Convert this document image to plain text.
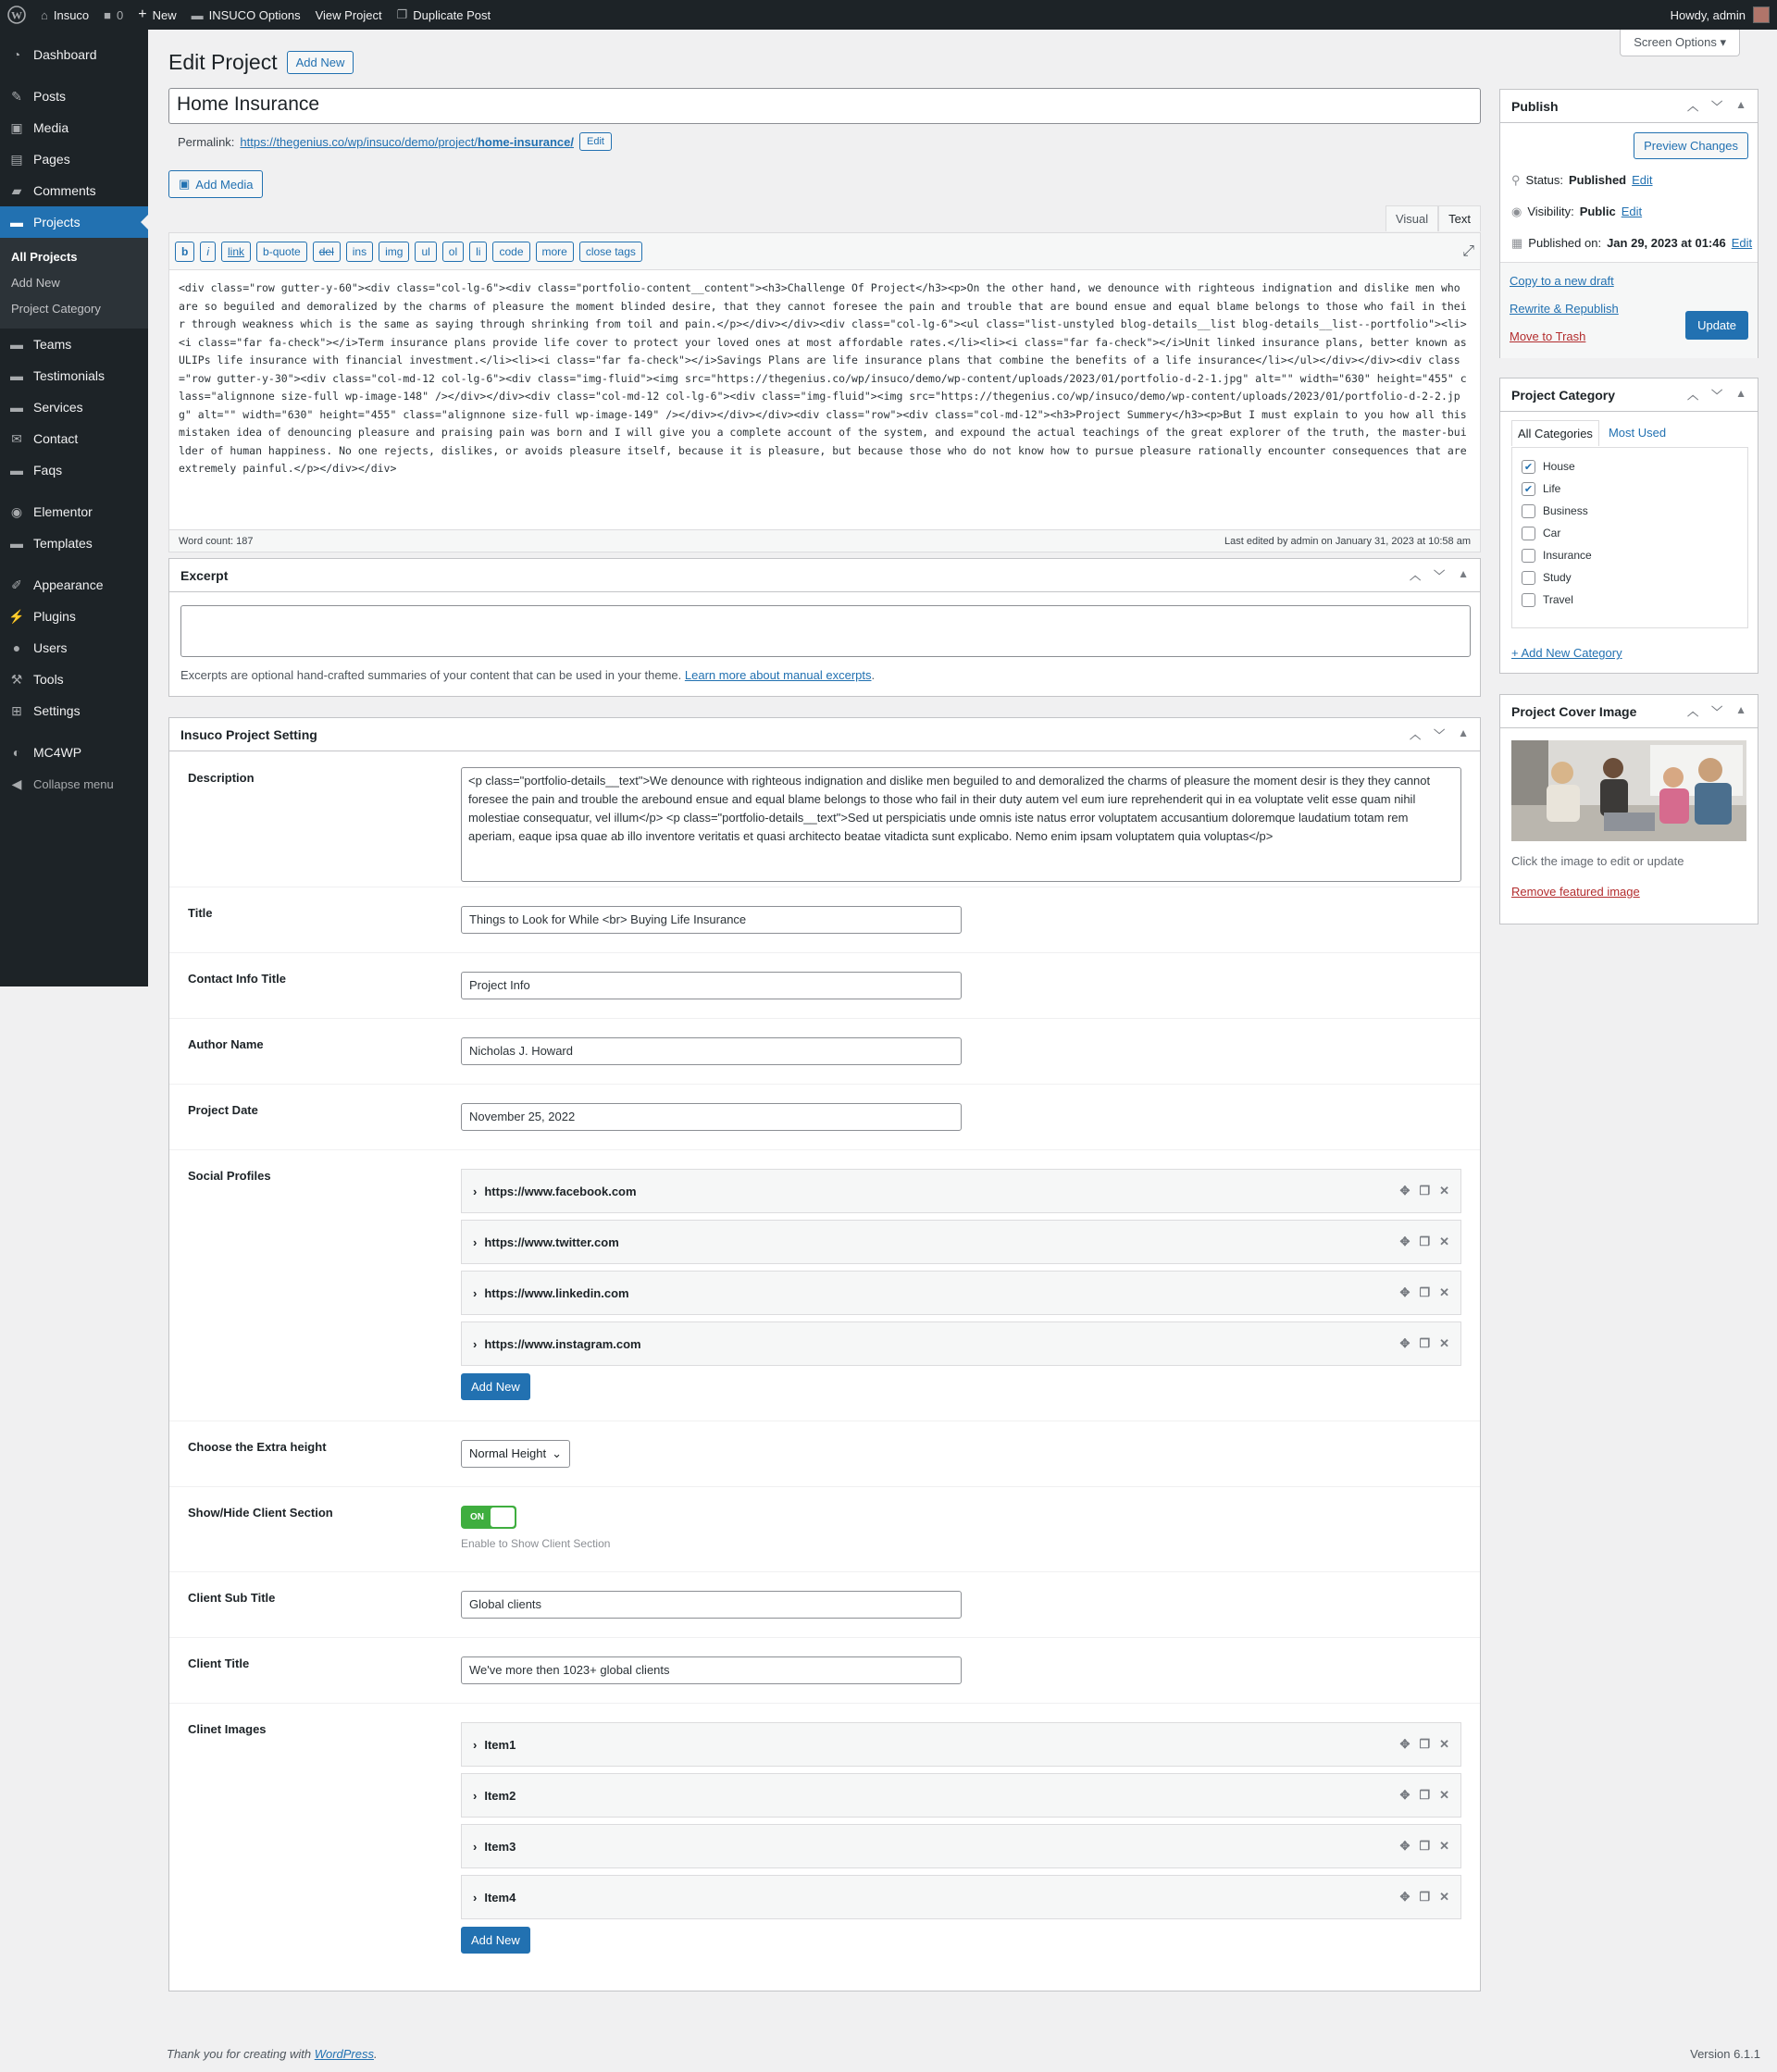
W ⌂ Insuco ■ 0 + New ▬ INSUCO Options View Project ❐ Duplicate Post	Howdy, admin
◔ Dashboard
✎ Posts
▣ Media
▤ Pages
▰ Comments
▬ Projects
All Projects
Add New
Project Category
▬ Teams
▬ Testimonials
▬ Services
✉ Contact
▬ Faqs
◉ Elementor
▬ Templates
✐ Appearance
⚡ Plugins
● Users
⚒ Tools
⊞ Settings
◐ MC4WP
◀ Collapse menu
Screen Options ▾
Edit Project	Add New
Home Insurance
Permalink: https://thegenius.co/wp/insuco/demo/project/home-insurance/	Edit
▣ Add Media
Visual	Text
b	i	link	b-quote	del	ins	img	ul	ol	li	code	more	close tags	⤢
<div class="row gutter-y-60"><div class="col-lg-6"><div class="portfolio-content__content"><h3>Challenge Of Project</h3><p>On the other hand, we denounce with righteous indignation and dislike men who are so beguiled and demoralized by the charms of pleasure the moment blinded desire, that they cannot foresee the pain and trouble that are bound ensue and equal blame belongs to those who fail in their through weakness which is the same as saying through shrinking from toil and pain.</p></div></div><div class="col-lg-6"><ul class="list-unstyled blog-details__list blog-details__list--portfolio"><li><i class="far fa-check"></i>Term insurance plans provide life cover to protect your loved ones at most affordable rates.</li><li><i class="far fa-check"></i>Unit linked insurance plans, better known as ULIPs life insurance with financial investment.</li><li><i class="far fa-check"></i>Savings Plans are life insurance plans that combine the benefits of a life insurance</li></ul></div></div><div class="row gutter-y-30"><div class="col-md-12 col-lg-6"><div class="img-fluid"><img src="https://thegenius.co/wp/insuco/demo/wp-content/uploads/2023/01/portfolio-d-2-1.jpg" alt="" width="630" height="455" class="alignnone size-full wp-image-148" /></div></div><div class="col-md-12 col-lg-6"><div class="img-fluid"><img src="https://thegenius.co/wp/insuco/demo/wp-content/uploads/2023/01/portfolio-d-2-2.jpg" alt="" width="630" height="455" class="alignnone size-full wp-image-149" /></div></div></div><div class="row"><div class="col-md-12"><h3>Project Summery</h3><p>But I must explain to you how all this mistaken idea of denouncing pleasure and praising pain was born and I will give you a complete account of the system, and expound the actual teachings of the great explorer of the truth, the master-builder of human happiness. No one rejects, dislikes, or avoids pleasure itself, because it is pleasure, but because those who do not know how to pursue pleasure rationally encounter consequences that are extremely painful.</p></div></div>
Word count: 187	Last edited by admin on January 31, 2023 at 10:58 am
Excerpt	︿ ﹀ ▲
Excerpts are optional hand-crafted summaries of your content that can be used in your theme. Learn more about manual excerpts.
Insuco Project Setting	︿ ﹀ ▲
Description	<p class="portfolio-details__text">We denounce with righteous indignation and dislike men beguiled to and demoralized the charms of pleasure the moment desir is they they cannot foresee the pain and trouble the arebound ensue and equal blame belongs to those who fail in their duty autem vel eum iure reprehenderit qui in ea voluptate velit esse quam nihil molestiae consequatur, vel illum</p> <p class="portfolio-details__text">Sed ut perspiciatis unde omnis iste natus error voluptatem accusantium doloremque laudatium totam rem aperiam, eaque ipsa quae ab illo inventore veritatis et quasi architecto beatae vitadicta sunt explicabo. Nemo enim ipsam voluptatem quia voluptas</p>
Title	Things to Look for While <br> Buying Life Insurance
Contact Info Title	Project Info
Author Name	Nicholas J. Howard
Project Date	November 25, 2022
Social Profiles
› https://www.facebook.com	✥ ❐ ✕
› https://www.twitter.com	✥ ❐ ✕
› https://www.linkedin.com	✥ ❐ ✕
› https://www.instagram.com	✥ ❐ ✕
Add New
Choose the Extra height	Normal Height ⌄
Show/Hide Client Section	ON
Enable to Show Client Section
Client Sub Title	Global clients
Client Title	We've more then 1023+ global clients
Clinet Images
› Item1	✥ ❐ ✕
› Item2	✥ ❐ ✕
› Item3	✥ ❐ ✕
› Item4	✥ ❐ ✕
Add New
Thank you for creating with WordPress.	Version 6.1.1
Publish	︿ ﹀ ▲
Preview Changes
⚲ Status: Published Edit
◉ Visibility: Public Edit
▦ Published on: Jan 29, 2023 at 01:46 Edit
Copy to a new draft
Rewrite & Republish
Move to Trash
Update
Project Category	︿ ﹀ ▲
All Categories	Most Used
✔ House
✔ Life
Business
Car
Insurance
Study
Travel
+ Add New Category
Project Cover Image	︿ ﹀ ▲
Click the image to edit or update
Remove featured image
